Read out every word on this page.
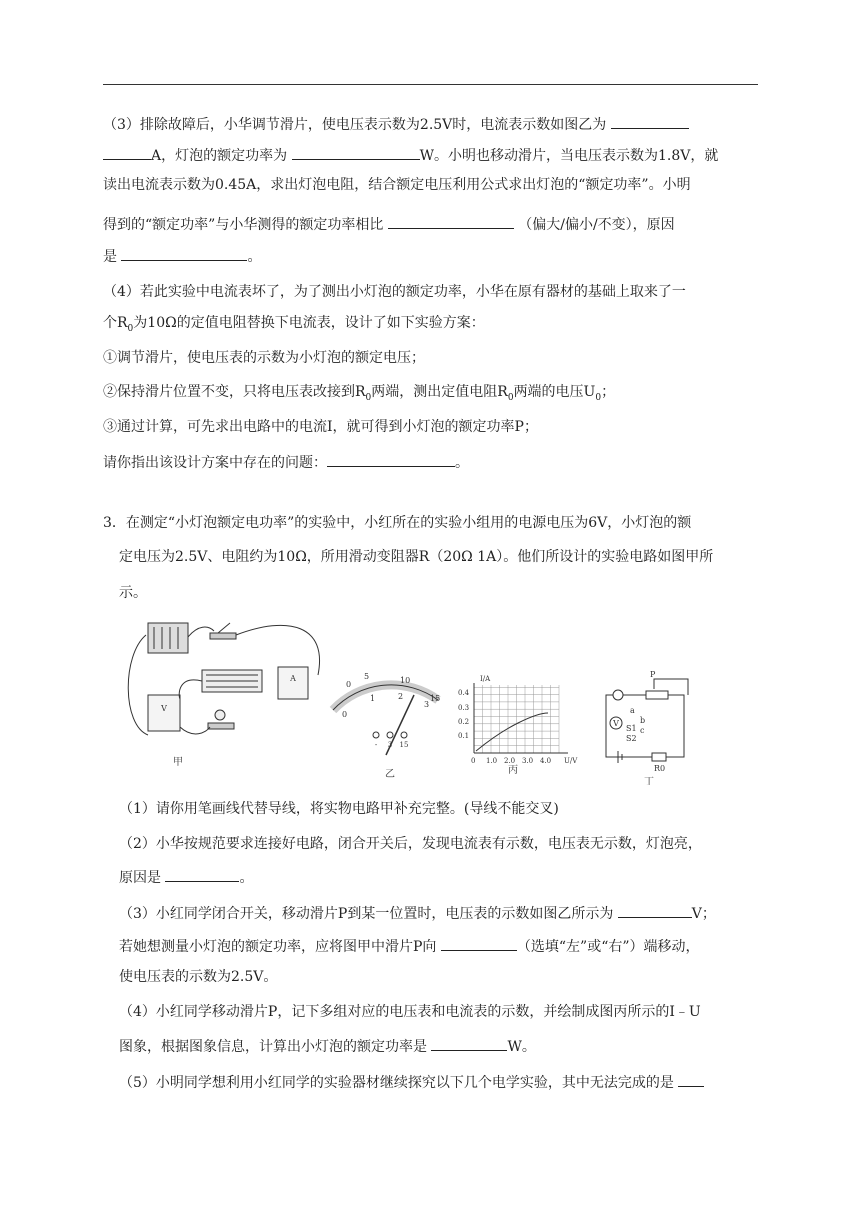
（3）排除故障后，小华调节滑片，使电压表示数为2.5V时，电流表示数如图乙为
A，灯泡的额定功率为	W。小明也移动滑片，当电压表示数为1.8V，就
读出电流表示数为0.45A，求出灯泡电阻，结合额定电压利用公式求出灯泡的“额定功率”。小明
得到的“额定功率”与小华测得的额定功率相比	（偏大/偏小/不变），原因
是	。
（4）若此实验中电流表坏了，为了测出小灯泡的额定功率，小华在原有器材的基础上取来了一
个$R_0$为10Ω的定值电阻替换下电流表，设计了如下实验方案：
①调节滑片，使电压表的示数为小灯泡的额定电压；
②保持滑片位置不变，只将电压表改接到$R_0$两端，测出定值电阻$R_0$两端的电压$U_0$；
③通过计算，可先求出电路中的电流I，就可得到小灯泡的额定功率P；
请你指出该设计方案中存在的问题：	。
3．在测定“小灯泡额定电功率”的实验中，小红所在的实验小组用的电源电压为6V，小灯泡的额
定电压为2.5V、电阻约为10Ω，所用滑动变阻器R（20Ω 1A）。他们所设计的实验电路如图甲所
示。
A
V
甲
0
1	2
3
0
5	10
15
- 3 15
乙
I/A
0.4
0.3
0.2
0.1
0 1.0 2.0 3.0 4.0 U/V
丙
P
V
a
b
S1 c
S2
R0
丁
（1）请你用笔画线代替导线，将实物电路甲补充完整。(导线不能交叉)
（2）小华按规范要求连接好电路，闭合开关后，发现电流表有示数，电压表无示数，灯泡亮，
原因是	。
（3）小红同学闭合开关，移动滑片P到某一位置时，电压表的示数如图乙所示为	V；
若她想测量小灯泡的额定功率，应将图甲中滑片P向	（选填“左”或“右”）端移动，
使电压表的示数为2.5V。
（4）小红同学移动滑片P，记下多组对应的电压表和电流表的示数，并绘制成图丙所示的I﹣U
图象，根据图象信息，计算出小灯泡的额定功率是	W。
（5）小明同学想利用小红同学的实验器材继续探究以下几个电学实验，其中无法完成的是
